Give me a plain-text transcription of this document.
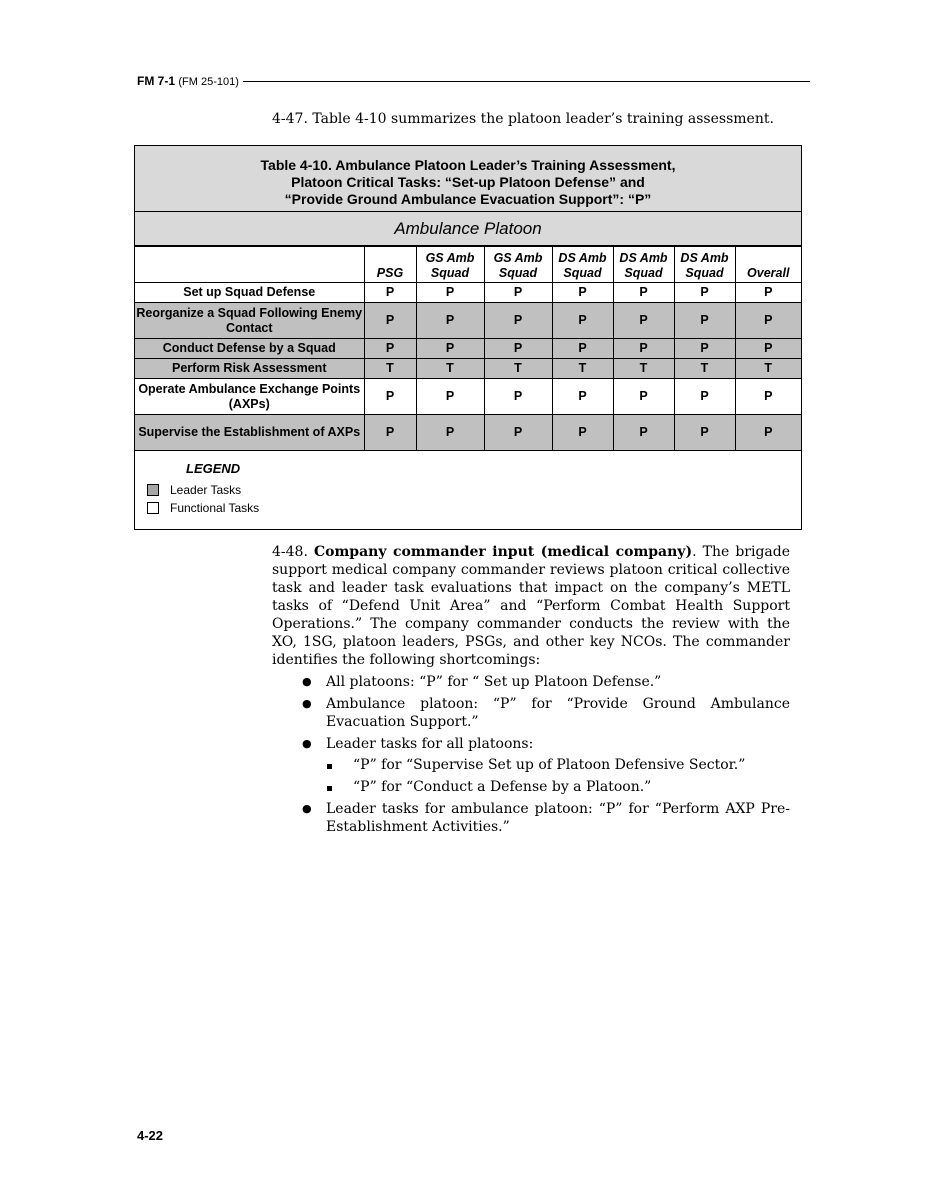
FM 7-1 (FM 25-101)

4-47. Table 4-10 summarizes the platoon leader’s training assessment.

Table 4-10. Ambulance Platoon Leader’s Training Assessment,
Platoon Critical Tasks: “Set-up Platoon Defense” and
“Provide Ground Ambulance Evacuation Support”: “P”
Ambulance Platoon
	PSG	GS Amb Squad	GS Amb Squad	DS Amb Squad	DS Amb Squad	DS Amb Squad	Overall
Set up Squad Defense	P	P	P	P	P	P	P
Reorganize a Squad Following Enemy Contact	P	P	P	P	P	P	P
Conduct Defense by a Squad	P	P	P	P	P	P	P
Perform Risk Assessment	T	T	T	T	T	T	T
Operate Ambulance Exchange Points (AXPs)	P	P	P	P	P	P	P
Supervise the Establishment of AXPs	P	P	P	P	P	P	P
LEGEND
Leader Tasks
Functional Tasks

4-48. Company commander input (medical company). The brigade support medical company commander reviews platoon critical collective task and leader task evaluations that impact on the company’s METL tasks of “Defend Unit Area” and “Perform Combat Health Support Operations.” The company commander conducts the review with the XO, 1SG, platoon leaders, PSGs, and other key NCOs. The commander identifies the following shortcomings:

● All platoons: “P” for “ Set up Platoon Defense.”
● Ambulance platoon: “P” for “Provide Ground Ambulance Evacuation Support.”
● Leader tasks for all platoons:
“P” for “Supervise Set up of Platoon Defensive Sector.”
“P” for “Conduct a Defense by a Platoon.”
● Leader tasks for ambulance platoon: “P” for “Perform AXP Pre-Establishment Activities.”
4-22
